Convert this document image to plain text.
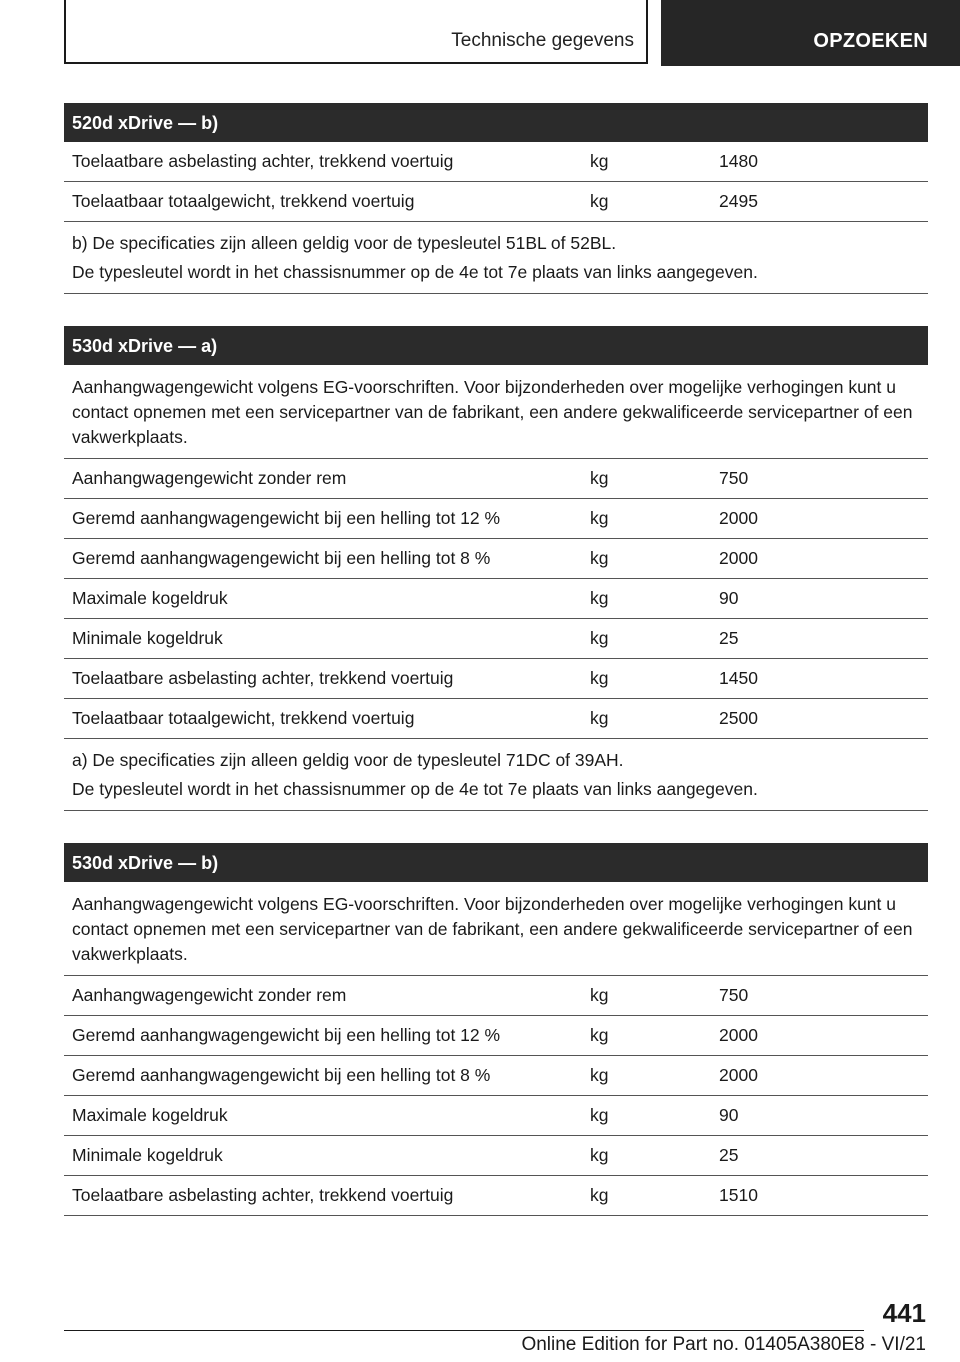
Technische gegevens	OPZOEKEN
520d xDrive — b)
Toelaatbare asbelasting achter, trekkend voertuig	kg	1480
Toelaatbaar totaalgewicht, trekkend voertuig	kg	2495

b) De specificaties zijn alleen geldig voor de typesleutel 51BL of 52BL.

De typesleutel wordt in het chassisnummer op de 4e tot 7e plaats van links aangegeven.

530d xDrive — a)
Aanhangwagengewicht volgens EG-voorschriften. Voor bijzonderheden over mogelijke verhogingen kunt u contact opnemen met een servicepartner van de fabrikant, een andere gekwalificeerde servicepartner of een vakwerkplaats.
Aanhangwagengewicht zonder rem	kg	750
Geremd aanhangwagengewicht bij een helling tot 12 %	kg	2000
Geremd aanhangwagengewicht bij een helling tot 8 %	kg	2000
Maximale kogeldruk	kg	90
Minimale kogeldruk	kg	25
Toelaatbare asbelasting achter, trekkend voertuig	kg	1450
Toelaatbaar totaalgewicht, trekkend voertuig	kg	2500

a) De specificaties zijn alleen geldig voor de typesleutel 71DC of 39AH.

De typesleutel wordt in het chassisnummer op de 4e tot 7e plaats van links aangegeven.

530d xDrive — b)
Aanhangwagengewicht volgens EG-voorschriften. Voor bijzonderheden over mogelijke verhogingen kunt u contact opnemen met een servicepartner van de fabrikant, een andere gekwalificeerde servicepartner of een vakwerkplaats.
Aanhangwagengewicht zonder rem	kg	750
Geremd aanhangwagengewicht bij een helling tot 12 %	kg	2000
Geremd aanhangwagengewicht bij een helling tot 8 %	kg	2000
Maximale kogeldruk	kg	90
Minimale kogeldruk	kg	25
Toelaatbare asbelasting achter, trekkend voertuig	kg	1510
441
Online Edition for Part no. 01405A380E8 - VI/21
